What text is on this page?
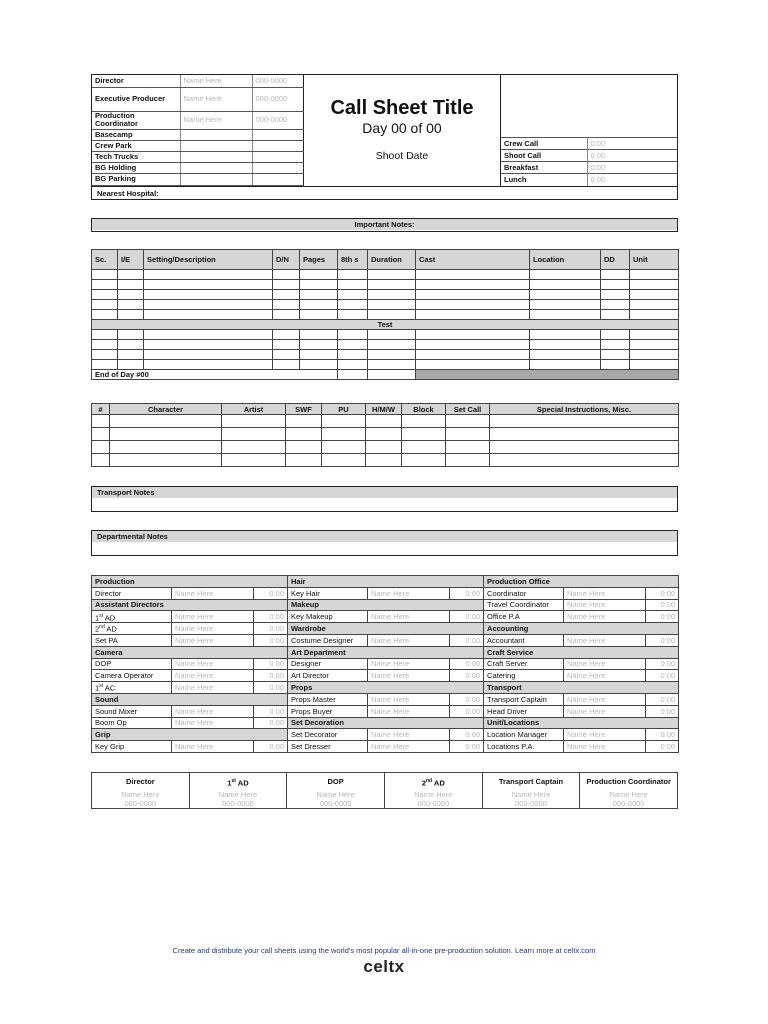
Director	Name Here	000-0000
Executive Producer	Name Here	000-0000
Production Coordinator	Name Here	000-0000
Basecamp		
Crew Park		
Tech Trucks		
BG Holding		
BG Parking		
Call Sheet Title
Day 00 of 00
Shoot Date
Crew Call	0:00
Shoot Call	0:00
Breakfast	0:00
Lunch	0:00
Nearest Hospital:
Important Notes:
Sc.	I/E	Setting/Description	D/N	Pages	8th s	Duration	Cast	Location	DD	Unit

Test										

End of Day #00										
#	Character	Artist	SWF	PU	H/M/W	Block	Set Call	Special Instructions, Misc.

Transport Notes
Departmental Notes
Production			Hair			Production Office		
Director	Name Here	0:00	Key Hair	Name Here	0:00	Coordinator	Name Here	0:00
Assistant Directors			Makeup			Travel Coordinator	Name Here	0:00
1st AD	Name Here	0:00	Key Makeup	Name Here	0:00	Office P.A	Name Here	0:00
2nd AD	Name Here	0:00	Wardrobe			Accounting		
Set PA	Name Here	0:00	Costume Designer	Name Here	0:00	Accountant	Name Here	0:00
Camera			Art Department			Craft Service		
DOP	Name Here	0:00	Designer	Name Here	0:00	Craft Server	Name Here	0:00
Camera Operator	Name Here	0:00	Art Director	Name Here	0:00	Catering	Name Here	0:00
1st AC	Name Here	0:00	Props			Transport		
Sound			Props Master	Name Here	0:00	Transport Captain	Name Here	0:00
Sound Mixer	Name Here	0:00	Props Buyer	Name Here	0:00	Head Driver	Name Here	0:00
Boom Op	Name Here	0:00	Set Decoration			Unit/Locations		
Grip			Set Decorator	Name Here	0:00	Location Manager	Name Here	0:00
Key Grip	Name Here	0:00	Set Dresser	Name Here	0:00	Locations P.A.	Name Here	0:00
Director	1st AD	DOP	2nd AD	Transport Captain	Production Coordinator
Name Here	Name Here	Name Here	Name Here	Name Here	Name Here
000-0000	000-0000	000-0000	000-0000	000-0000	000-0000
Create and distribute your call sheets using the world's most popular all-in-one pre-production solution. Learn more at celtx.com
celtx
